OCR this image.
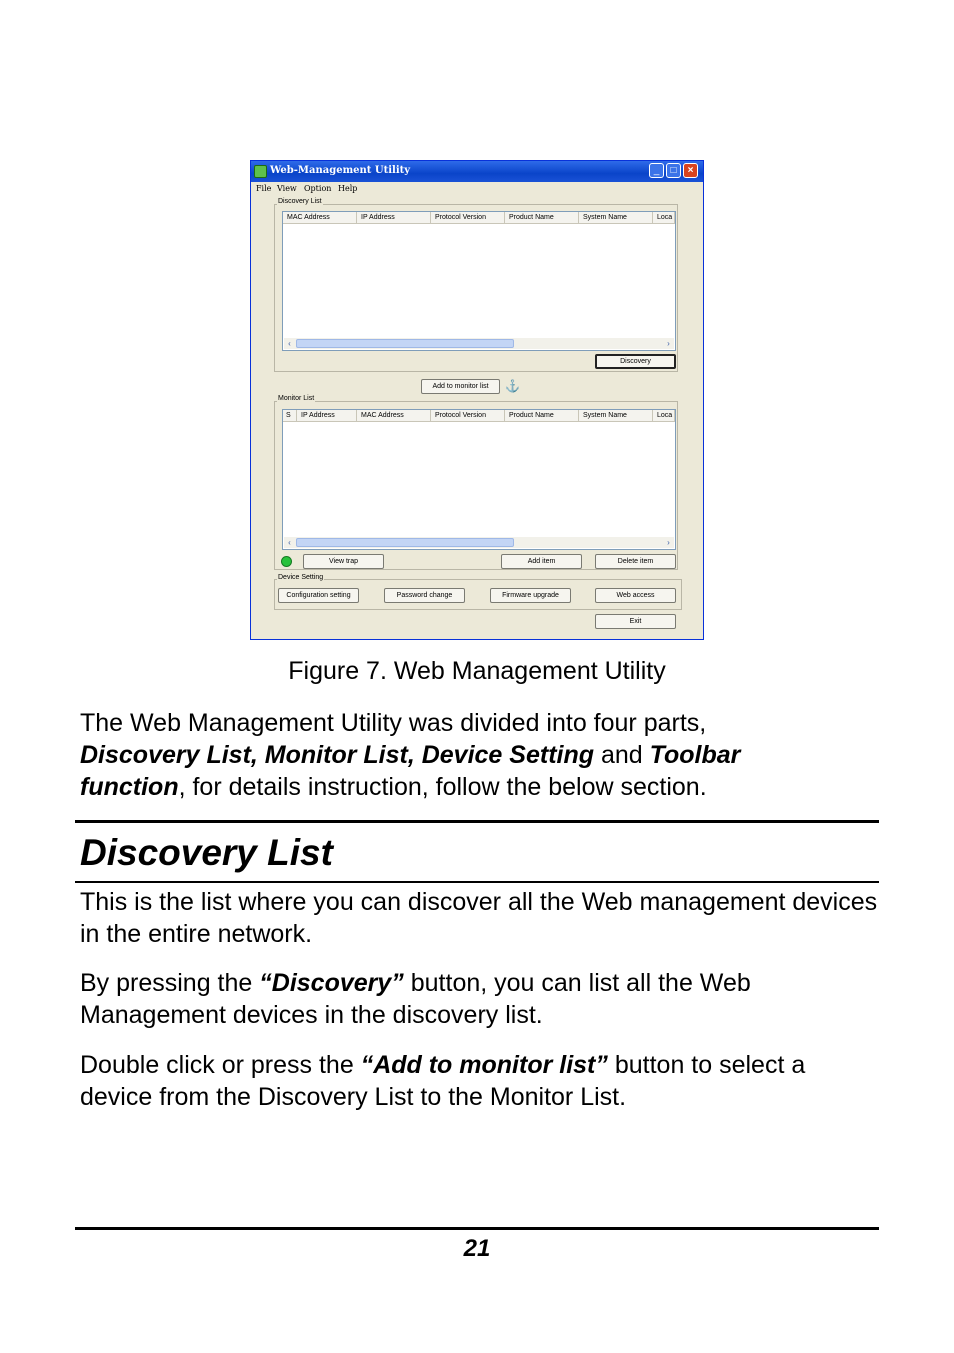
Web-Management Utility	_	□	×
File View Option Help
Discovery List
MAC Address	IP Address	Protocol Version	Product Name	System Name	Loca
‹	›
Discovery
Add to monitor list	⚓
Monitor List
S	IP Address	MAC Address	Protocol Version	Product Name	System Name	Loca
‹	›
View trap	Add item	Delete item
Device Setting
Configuration setting	Password change	Firmware upgrade	Web access
Exit
Figure 7. Web Management Utility
The Web Management Utility was divided into four parts,
Discovery List, Monitor List, Device Setting and Toolbar
function, for details instruction, follow the below section.
Discovery List
This is the list where you can discover all the Web management devices in the entire network.
By pressing the “Discovery” button, you can list all the Web Management devices in the discovery list.
Double click or press the “Add to monitor list” button to select a device from the Discovery List to the Monitor List.
21
